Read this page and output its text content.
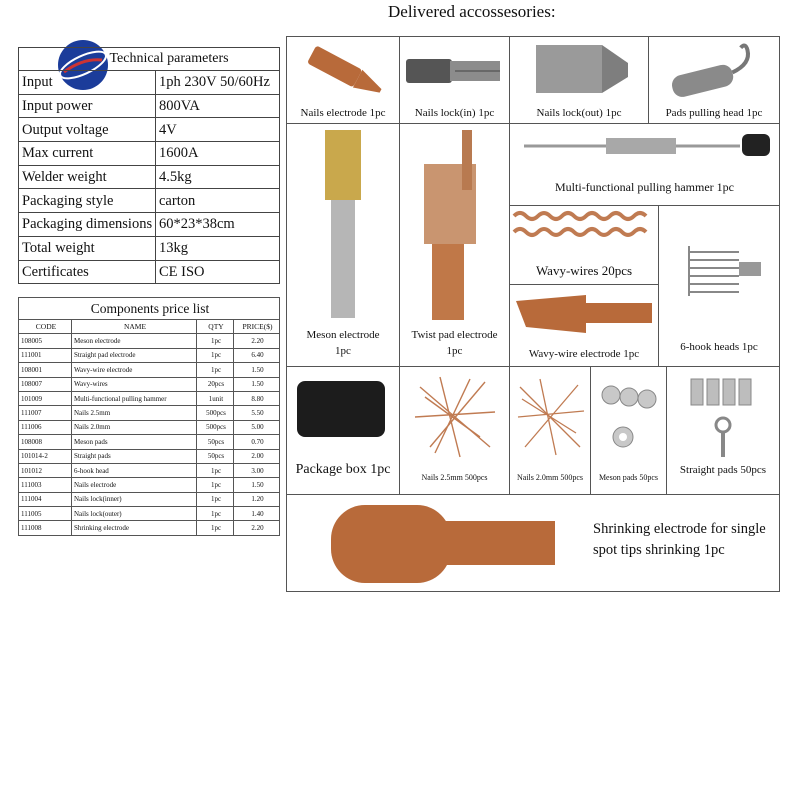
Technical parameters	
Input	1ph 230V 50/60Hz
Input power	800VA
Output voltage	4V
Max current	1600A
Welder weight	4.5kg
Packaging style	carton
Packaging dimensions	60*23*38cm
Total weight	13kg
Certificates	CE ISO
Components price list			
CODE	NAME	QTY	PRICE($)
108005	Meson electrode	1pc	2.20
111001	Straight pad electrode	1pc	6.40
108001	Wavy-wire electrode	1pc	1.50
108007	Wavy-wires	20pcs	1.50
101009	Multi-functional pulling hammer	1unit	8.80
111007	Nails 2.5mm	500pcs	5.50
111006	Nails 2.0mm	500pcs	5.00
108008	Meson pads	50pcs	0.70
101014-2	Straight pads	50pcs	2.00
101012	6-hook head	1pc	3.00
111003	Nails electrode	1pc	1.50
111004	Nails lock(inner)	1pc	1.20
111005	Nails lock(outer)	1pc	1.40
111008	Shrinking electrode	1pc	2.20
Delivered accossesories:
Nails electrode 1pc	Nails lock(in) 1pc	Nails lock(out) 1pc	Pads pulling head 1pc
Meson electrode
1pc
Twist pad electrode
1pc
Multi-functional pulling hammer 1pc
Wavy-wires 20pcs
Wavy-wire electrode 1pc
6-hook heads 1pc
Package box 1pc
Nails 2.5mm 500pcs	Nails 2.0mm 500pcs	Meson pads 50pcs
Straight pads 50pcs
Shrinking electrode for single
spot tips shrinking 1pc
